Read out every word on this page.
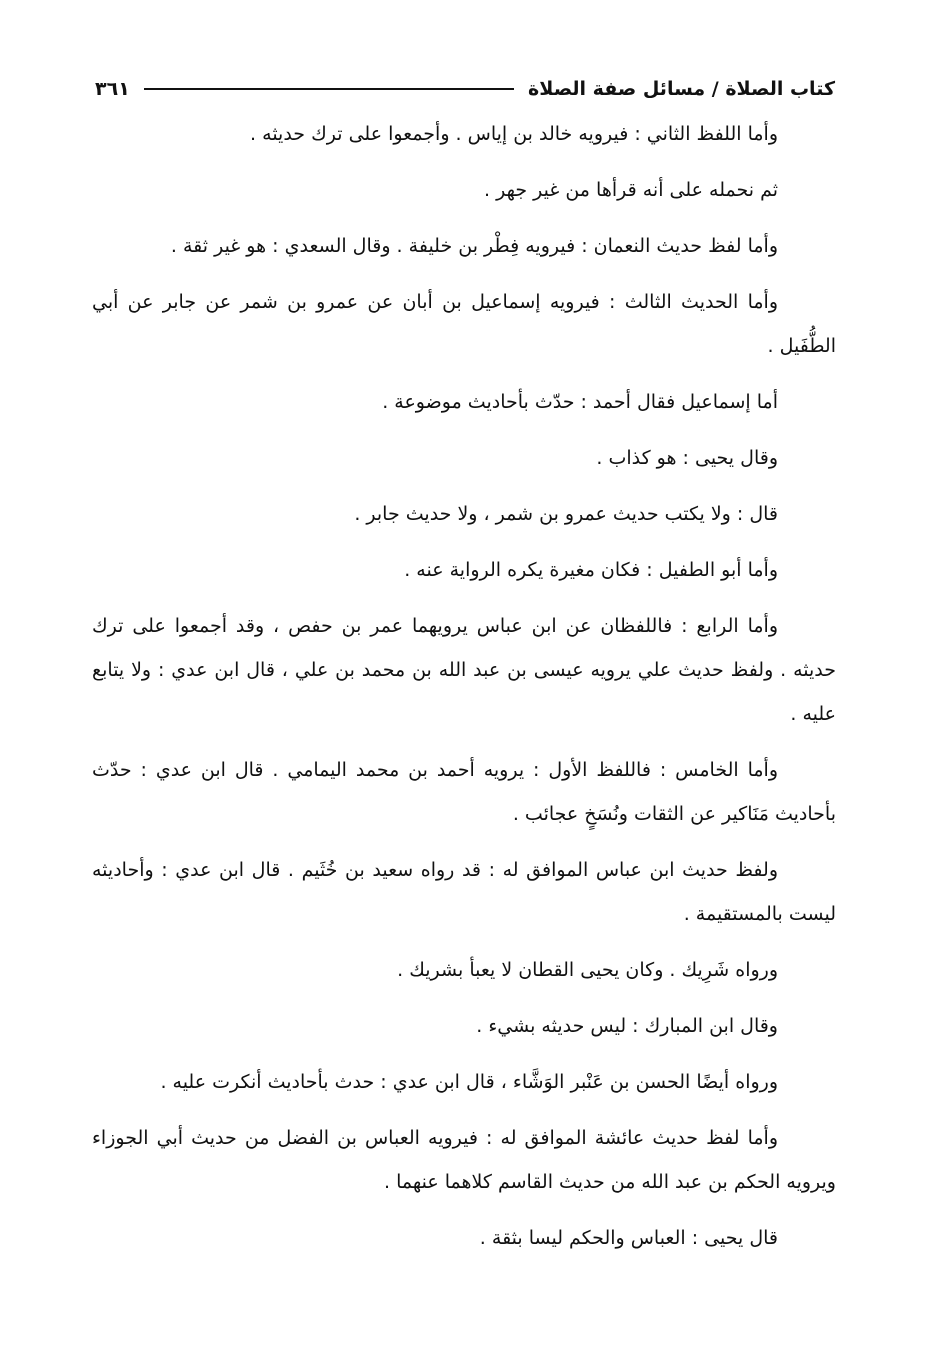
كتاب الصلاة / مسائل صفة الصلاة
٣٦١

وأما اللفظ الثاني : فيرويه خالد بن إياس . وأجمعوا على ترك حديثه .

ثم نحمله على أنه قرأها من غير جهر .

وأما لفظ حديث النعمان : فيرويه فِطْر بن خليفة . وقال السعدي : هو غير ثقة .

وأما الحديث الثالث : فيرويه إسماعيل بن أبان عن عمرو بن شمر عن جابر عن أبي الطُّفَيل .

أما إسماعيل فقال أحمد : حدّث بأحاديث موضوعة .

وقال يحيى : هو كذاب .

قال : ولا يكتب حديث عمرو بن شمر ، ولا حديث جابر .

وأما أبو الطفيل : فكان مغيرة يكره الرواية عنه .

وأما الرابع : فاللفظان عن ابن عباس يرويهما عمر بن حفص ، وقد أجمعوا على ترك حديثه . ولفظ حديث علي يرويه عيسى بن عبد الله بن محمد بن علي ، قال ابن عدي : ولا يتابع عليه .

وأما الخامس : فاللفظ الأول : يرويه أحمد بن محمد اليمامي . قال ابن عدي : حدّث بأحاديث مَنَاكير عن الثقات ونُسَخٍ عجائب .

ولفظ حديث ابن عباس الموافق له : قد رواه سعيد بن خُثَيم . قال ابن عدي : وأحاديثه ليست بالمستقيمة .

ورواه شَرِيك . وكان يحيى القطان لا يعبأ بشريك .

وقال ابن المبارك : ليس حديثه بشيء .

ورواه أيضًا الحسن بن عَنْبر الوَشَّاء ، قال ابن عدي : حدث بأحاديث أنكرت عليه .

وأما لفظ حديث عائشة الموافق له : فيرويه العباس بن الفضل من حديث أبي الجوزاء ويرويه الحكم بن عبد الله من حديث القاسم كلاهما عنهما .

قال يحيى : العباس والحكم ليسا بثقة .
